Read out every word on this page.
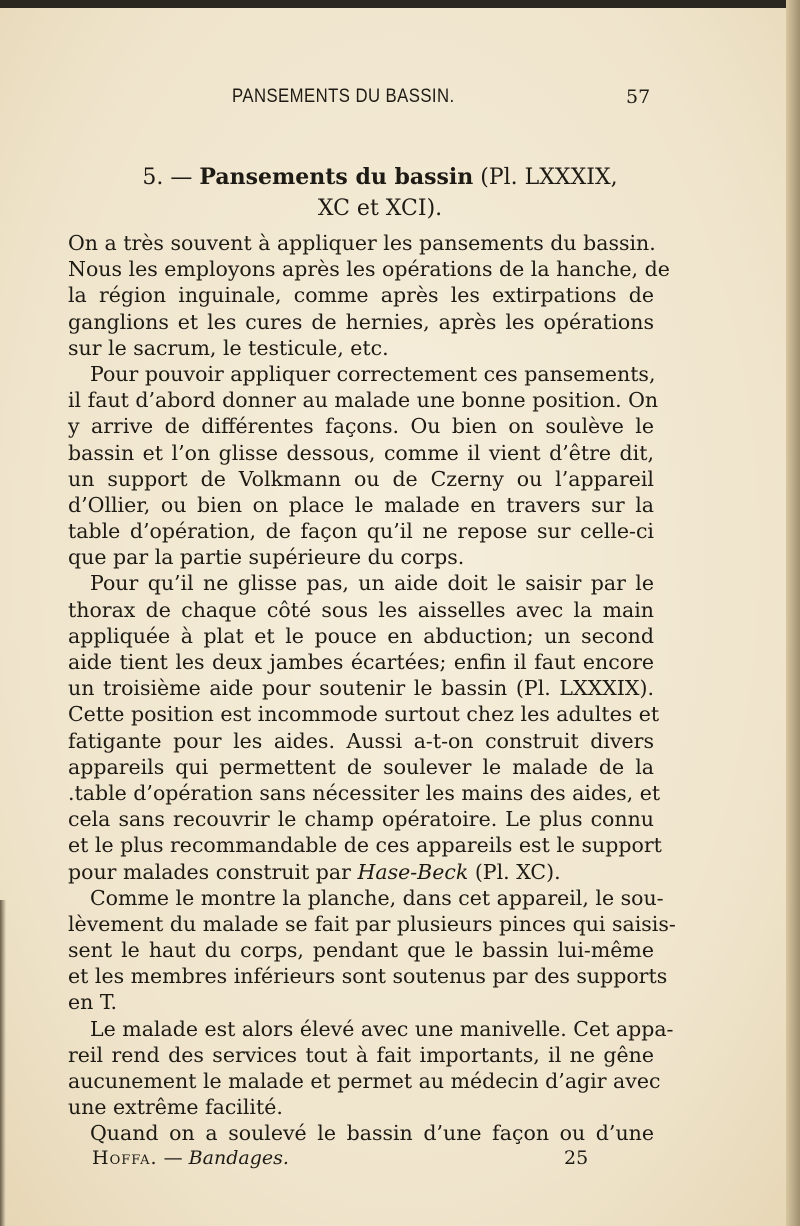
PANSEMENTS DU BASSIN.	57
5. — Pansements du bassin (Pl. LXXXIX,
XC et XCI).
On a très souvent à appliquer les pansements du bassin.
Nous les employons après les opérations de la hanche, de
la région inguinale, comme après les extirpations de
ganglions et les cures de hernies, après les opérations
sur le sacrum, le testicule, etc.
Pour pouvoir appliquer correctement ces pansements,
il faut d’abord donner au malade une bonne position. On
y arrive de différentes façons. Ou bien on soulève le
bassin et l’on glisse dessous, comme il vient d’être dit,
un support de Volkmann ou de Czerny ou l’appareil
d’Ollier, ou bien on place le malade en travers sur la
table d’opération, de façon qu’il ne repose sur celle-ci
que par la partie supérieure du corps.
Pour qu’il ne glisse pas, un aide doit le saisir par le
thorax de chaque côté sous les aisselles avec la main
appliquée à plat et le pouce en abduction; un second
aide tient les deux jambes écartées; enfin il faut encore
un troisième aide pour soutenir le bassin (Pl. LXXXIX).
Cette position est incommode surtout chez les adultes et
fatigante pour les aides. Aussi a-t-on construit divers
appareils qui permettent de soulever le malade de la
.table d’opération sans nécessiter les mains des aides, et
cela sans recouvrir le champ opératoire. Le plus connu
et le plus recommandable de ces appareils est le support
pour malades construit par Hase-Beck (Pl. XC).
Comme le montre la planche, dans cet appareil, le sou-
lèvement du malade se fait par plusieurs pinces qui saisis-
sent le haut du corps, pendant que le bassin lui-même
et les membres inférieurs sont soutenus par des supports
en T.
Le malade est alors élevé avec une manivelle. Cet appa-
reil rend des services tout à fait importants, il ne gêne
aucunement le malade et permet au médecin d’agir avec
une extrême facilité.
Quand on a soulevé le bassin d’une façon ou d’une
Hoffa. — Bandages.	25
